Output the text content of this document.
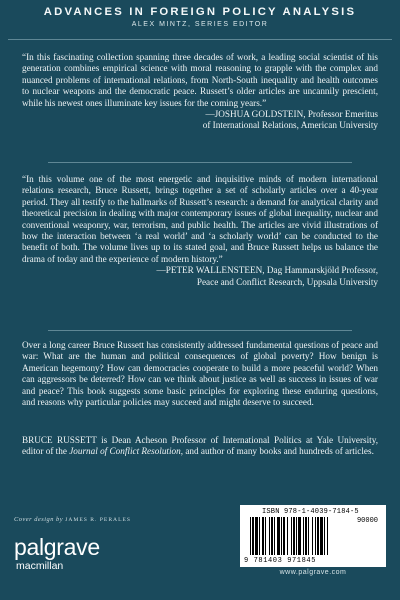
ADVANCES IN FOREIGN POLICY ANALYSIS
ALEX MINTZ, SERIES EDITOR
“In this fascinating collection spanning three decades of work, a leading social scientist of his generation combines empirical science with moral reasoning to grapple with the complex and nuanced problems of international relations, from North-South inequality and health outcomes to nuclear weapons and the democratic peace. Russett’s older articles are uncannily prescient, while his newest ones illuminate key issues for the coming years.”
—JOSHUA GOLDSTEIN, Professor Emeritus
of International Relations, American University
“In this volume one of the most energetic and inquisitive minds of modern international relations research, Bruce Russett, brings together a set of scholarly articles over a 40-year period. They all testify to the hallmarks of Russett’s research: a demand for analytical clarity and theoretical precision in dealing with major contemporary issues of global inequality, nuclear and conventional weaponry, war, terrorism, and public health. The articles are vivid illustrations of how the interaction between ‘a real world’ and ‘a scholarly world’ can be conducted to the benefit of both. The volume lives up to its stated goal, and Bruce Russett helps us balance the drama of today and the experience of modern history.”
—PETER WALLENSTEEN, Dag Hammarskjöld Professor,
Peace and Conflict Research, Uppsala University
Over a long career Bruce Russett has consistently addressed fundamental questions of peace and war: What are the human and political consequences of global poverty? How benign is American hegemony? How can democracies cooperate to build a more peaceful world? When can aggressors be deterred? How can we think about justice as well as success in issues of war and peace? This book suggests some basic principles for exploring these enduring questions, and reasons why particular policies may succeed and might deserve to succeed.
BRUCE RUSSETT is Dean Acheson Professor of International Politics at Yale University, editor of the Journal of Conflict Resolution, and author of many books and hundreds of articles.
Cover design by JAMES R. PERALES
palgrave
macmillan
ISBN 978-1-4039-7184-5
90000
9 781403 971845
www.palgrave.com
